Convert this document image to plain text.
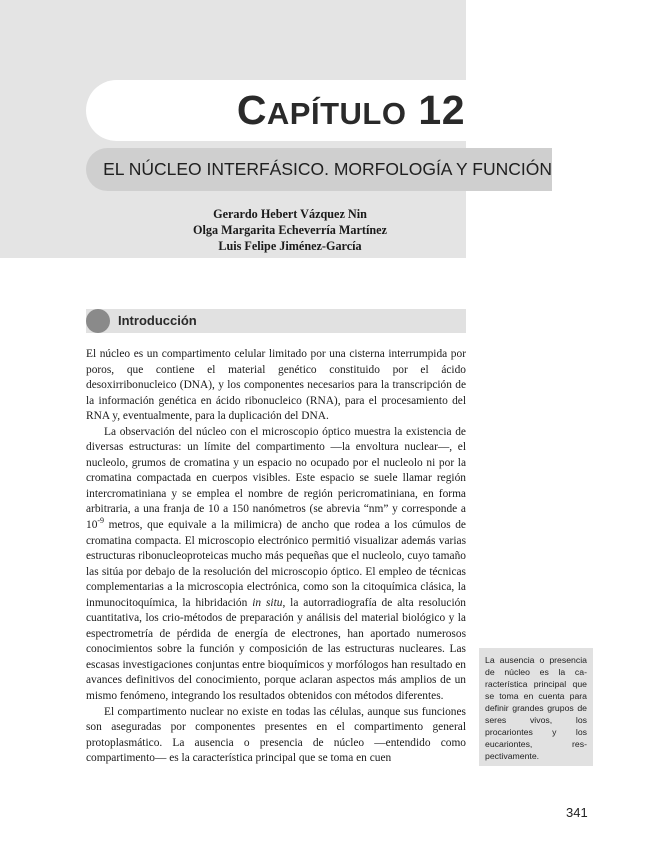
CAPÍTULO 12
EL NÚCLEO INTERFÁSICO. MORFOLOGÍA Y FUNCIÓN
Gerardo Hebert Vázquez Nin
Olga Margarita Echeverría Martínez
Luis Felipe Jiménez-García
Introducción

El núcleo es un compartimento celular limitado por una cisterna interrumpida por poros, que contiene el material genético constituido por el ácido desoxirribonucleico (DNA), y los componentes necesarios para la transcripción de la información genética en ácido ribonucleico (RNA), para el procesamiento del RNA y, eventualmente, para la duplicación del DNA.

La observación del núcleo con el microscopio óptico muestra la existencia de diversas estructuras: un límite del compartimento —la envoltura nuclear—, el nucleolo, grumos de cromatina y un espacio no ocupado por el nucleolo ni por la cromatina compactada en cuerpos visibles. Este espacio se suele llamar región intercromatiniana y se emplea el nombre de región pericromatiniana, en forma arbitraria, a una franja de 10 a 150 nanómetros (se abrevia “nm” y corresponde a $10^{-9}$ metros, que equivale a la milimicra) de ancho que rodea a los cúmulos de cromatina compacta. El microscopio electrónico permitió visualizar además varias estructuras ribonucleoproteicas mucho más pequeñas que el nucleolo, cuyo tamaño las sitúa por debajo de la resolución del microscopio óptico. El empleo de técnicas complementarias a la microscopia electrónica, como son la citoquímica clásica, la inmunocitoquímica, la hibridación in situ, la autorradiografía de alta resolución cuantitativa, los crio-métodos de preparación y análisis del material biológico y la espectrometría de pérdida de energía de electrones, han aportado numerosos conocimientos sobre la función y composición de las estructuras nucleares. Las escasas investigaciones conjuntas entre bioquímicos y morfólogos han resultado en avances definitivos del conocimiento, porque aclaran aspectos más amplios de un mismo fenómeno, integrando los resultados obtenidos con métodos diferentes.

El compartimento nuclear no existe en todas las células, aunque sus funciones son aseguradas por componentes presentes en el compartimento general protoplasmático. La ausencia o presencia de núcleo —entendido como compartimento— es la característica principal que se toma en cuen

La ausencia o presencia de núcleo es la característica principal que se toma en cuenta para definir grandes grupos de seres vivos, los procariontes y los eucariontes, respectivamente.
341
